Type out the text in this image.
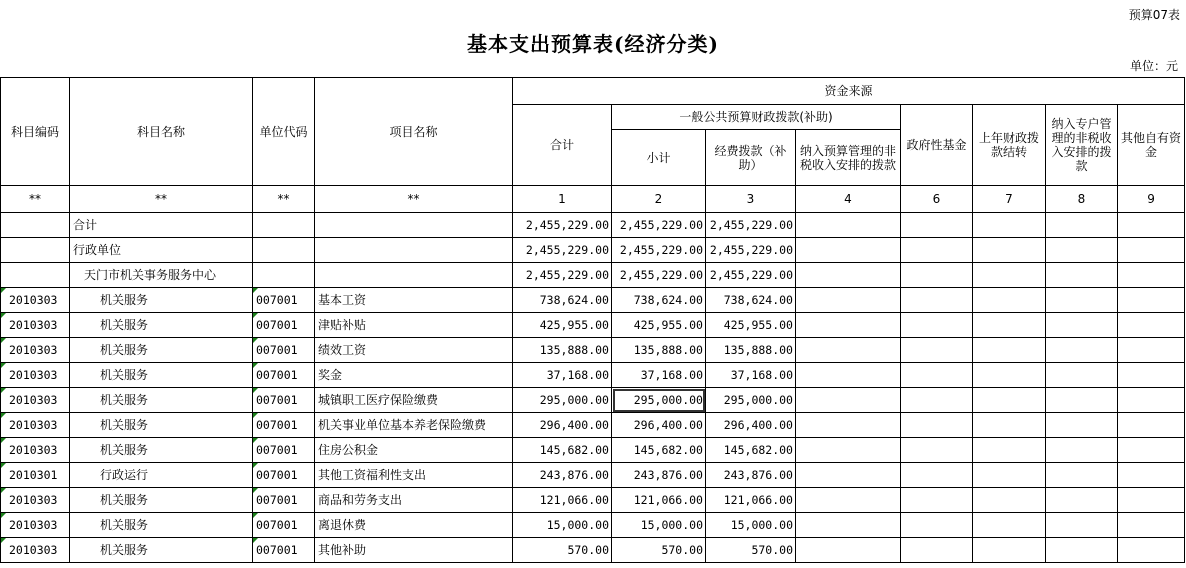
预算07表
基本支出预算表(经济分类)
单位：元
科目编码	科目名称	单位代码	项目名称	资金来源							
				合计	一般公共预算财政拨款(补助)			政府性基金	上年财政拨款结转	纳入专户管理的非税收入安排的拨款	其他自有资金
					小计	经费拨款（补助）	纳入预算管理的非税收入安排的拨款				
**	**	**	**	1	2	3	4	6	7	8	9
	合计			2,455,229.00	2,455,229.00	2,455,229.00					
	行政单位			2,455,229.00	2,455,229.00	2,455,229.00					
	天门市机关事务服务中心			2,455,229.00	2,455,229.00	2,455,229.00					
2010303	机关服务	007001	基本工资	738,624.00	738,624.00	738,624.00					
2010303	机关服务	007001	津贴补贴	425,955.00	425,955.00	425,955.00					
2010303	机关服务	007001	绩效工资	135,888.00	135,888.00	135,888.00					
2010303	机关服务	007001	奖金	37,168.00	37,168.00	37,168.00					
2010303	机关服务	007001	城镇职工医疗保险缴费	295,000.00	295,000.00	295,000.00					
2010303	机关服务	007001	机关事业单位基本养老保险缴费	296,400.00	296,400.00	296,400.00					
2010303	机关服务	007001	住房公积金	145,682.00	145,682.00	145,682.00					
2010301	行政运行	007001	其他工资福利性支出	243,876.00	243,876.00	243,876.00					
2010303	机关服务	007001	商品和劳务支出	121,066.00	121,066.00	121,066.00					
2010303	机关服务	007001	离退休费	15,000.00	15,000.00	15,000.00					
2010303	机关服务	007001	其他补助	570.00	570.00	570.00					
